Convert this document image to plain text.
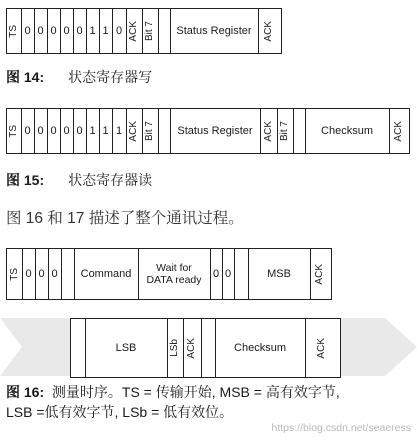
TS 0 0 0 0 0 1 1 0 ACK Bit 7 Status Register ACK
图 14: 状态寄存器写
TS 0 0 0 0 0 1 1 1 ACK Bit 7 Status Register ACK Bit 7	Checksum ACK
图 15: 状态寄存器读
图 16 和 17 描述了整个通讯过程。
TS 0 0 0 Command Wait for
DATA ready
0 0	MSB ACK
LSB	LSb ACK	Checksum	ACK
图 16: 测量时序。TS = 传输开始, MSB = 高有效字节,
LSB =低有效字节, LSb = 低有效位。
https://blog.csdn.net/seaeress
